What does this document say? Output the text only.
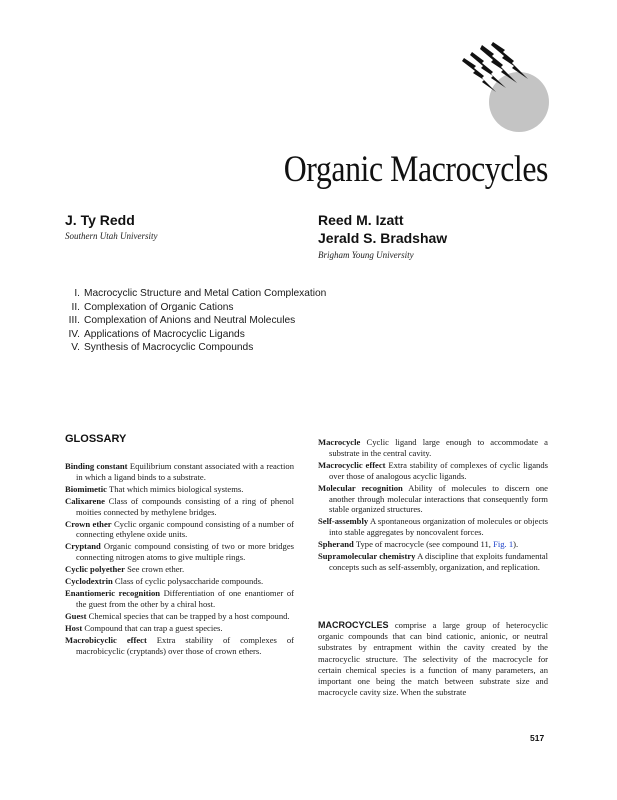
Organic Macrocycles
J. Ty Redd
Southern Utah University
Reed M. Izatt
Jerald S. Bradshaw
Brigham Young University
I. Macrocyclic Structure and Metal Cation Complexation
II. Complexation of Organic Cations
III. Complexation of Anions and Neutral Molecules
IV. Applications of Macrocyclic Ligands
V. Synthesis of Macrocyclic Compounds
GLOSSARY
Binding constant Equilibrium constant associated with a reaction in which a ligand binds to a substrate.
Biomimetic That which mimics biological systems.
Calixarene Class of compounds consisting of a ring of phenol moities connected by methylene bridges.
Crown ether Cyclic organic compound consisting of a number of connecting ethylene oxide units.
Cryptand Organic compound consisting of two or more bridges connecting nitrogen atoms to give multiple rings.
Cyclic polyether See crown ether.
Cyclodextrin Class of cyclic polysaccharide compounds.
Enantiomeric recognition Differentiation of one enantiomer of the guest from the other by a chiral host.
Guest Chemical species that can be trapped by a host compound.
Host Compound that can trap a guest species.
Macrobicyclic effect Extra stability of complexes of macrobicyclic (cryptands) over those of crown ethers.
Macrocycle Cyclic ligand large enough to accommodate a substrate in the central cavity.
Macrocyclic effect Extra stability of complexes of cyclic ligands over those of analogous acyclic ligands.
Molecular recognition Ability of molecules to discern one another through molecular interactions that consequently form stable organized structures.
Self-assembly A spontaneous organization of molecules or objects into stable aggregates by noncovalent forces.
Spherand Type of macrocycle (see compound 11, Fig. 1).
Supramolecular chemistry A discipline that exploits fundamental concepts such as self-assembly, organization, and replication.
MACROCYCLES comprise a large group of heterocyclic organic compounds that can bind cationic, anionic, or neutral substrates by entrapment within the cavity created by the macrocyclic structure. The selectivity of the macrocycle for certain chemical species is a function of many parameters, an important one being the match between substrate size and macrocycle cavity size. When the substrate
517
